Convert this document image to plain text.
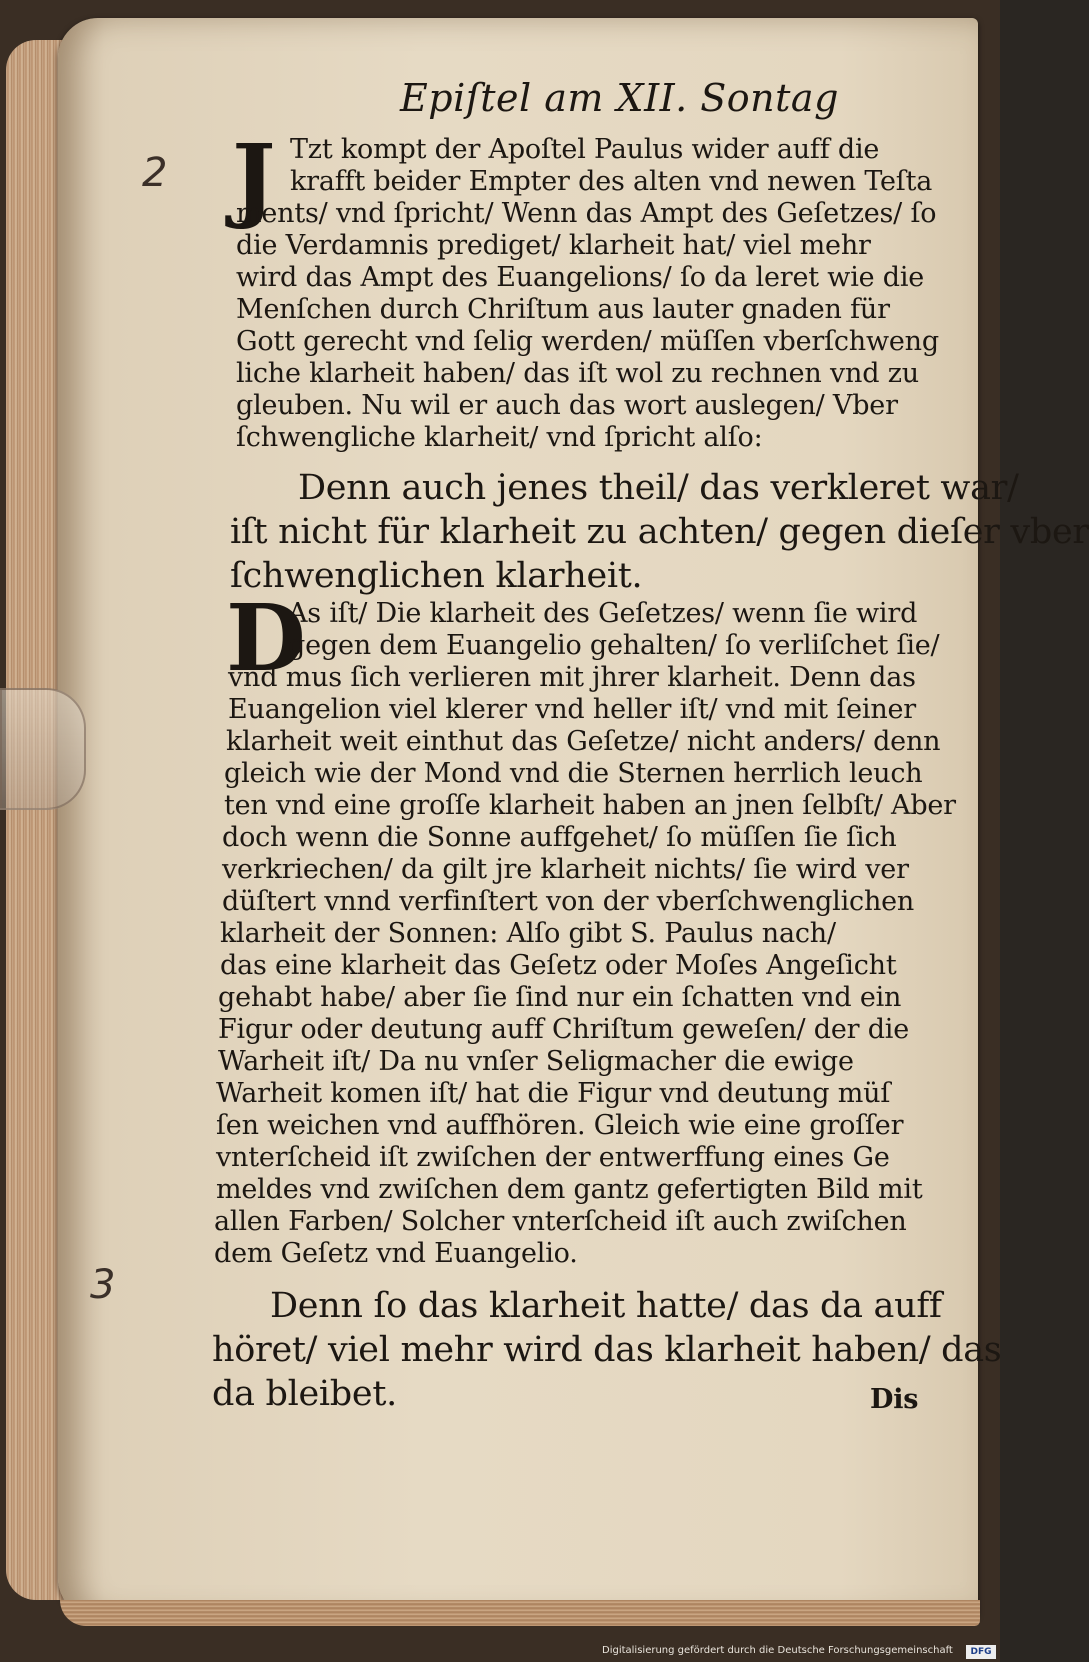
Epiſtel am XII. Sontag
2
3
J Tzt kompt der Apoſtel Paulus wider auff die
krafft beider Empter des alten vnd newen Teſta
ments/ vnd ſpricht/ Wenn das Ampt des Geſetzes/ ſo
die Verdamnis prediget/ klarheit hat/ viel mehr
wird das Ampt des Euangelions/ ſo da leret wie die
Menſchen durch Chriſtum aus lauter gnaden für
Gott gerecht vnd ſelig werden/ müſſen vberſchweng
liche klarheit haben/ das iſt wol zu rechnen vnd zu
gleuben. Nu wil er auch das wort auslegen/ Vber
ſchwengliche klarheit/ vnd ſpricht alſo:
Denn auch jenes theil/ das verkleret war/
iſt nicht für klarheit zu achten/ gegen dieſer vber
ſchwenglichen klarheit.
D
As iſt/ Die klarheit des Geſetzes/ wenn ſie wird
gegen dem Euangelio gehalten/ ſo verliſchet ſie/
vnd mus ſich verlieren mit jhrer klarheit. Denn das
Euangelion viel klerer vnd heller iſt/ vnd mit ſeiner
klarheit weit einthut das Geſetze/ nicht anders/ denn
gleich wie der Mond vnd die Sternen herrlich leuch
ten vnd eine groſſe klarheit haben an jnen ſelbſt/ Aber
doch wenn die Sonne auffgehet/ ſo müſſen ſie ſich
verkriechen/ da gilt jre klarheit nichts/ ſie wird ver
düſtert vnnd verfinſtert von der vberſchwenglichen
klarheit der Sonnen: Alſo gibt S. Paulus nach/
das eine klarheit das Geſetz oder Moſes Angeſicht
gehabt habe/ aber ſie ſind nur ein ſchatten vnd ein
Figur oder deutung auff Chriſtum geweſen/ der die
Warheit iſt/ Da nu vnſer Seligmacher die ewige
Warheit komen iſt/ hat die Figur vnd deutung müſ
ſen weichen vnd auffhören. Gleich wie eine groſſer
vnterſcheid iſt zwiſchen der entwerffung eines Ge
meldes vnd zwiſchen dem gantz gefertigten Bild mit
allen Farben/ Solcher vnterſcheid iſt auch zwiſchen
dem Geſetz vnd Euangelio.
Denn ſo das klarheit hatte/ das da auff
höret/ viel mehr wird das klarheit haben/ das
da bleibet.	Dis
Digitalisierung gefördert durch die Deutsche Forschungsgemeinschaft	DFG
